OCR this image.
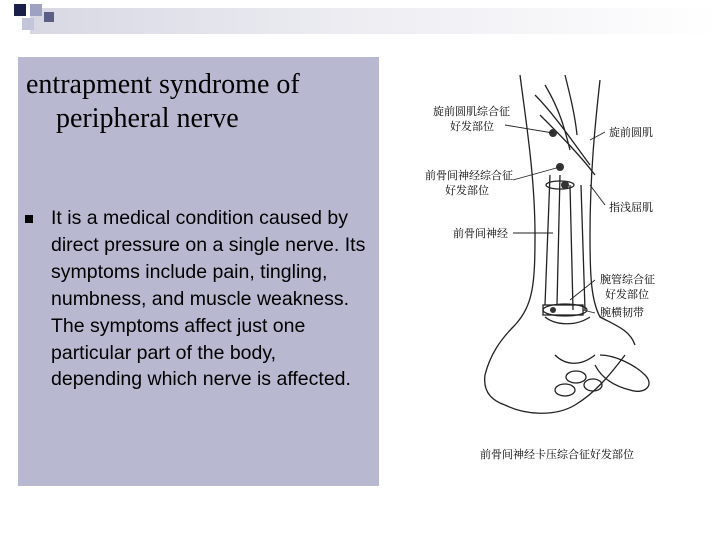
entrapment syndrome of
peripheral nerve
It is a medical condition caused by direct pressure on a single nerve. Its symptoms include pain, tingling, numbness, and muscle weakness. The symptoms affect just one particular part of the body, depending which nerve is affected.
旋前圆肌综合征
好发部位	旋前圆肌
前骨间神经综合征
好发部位
指浅屈肌
前骨间神经
腕管综合征
好发部位
腕横韧带
前骨间神经卡压综合征好发部位
